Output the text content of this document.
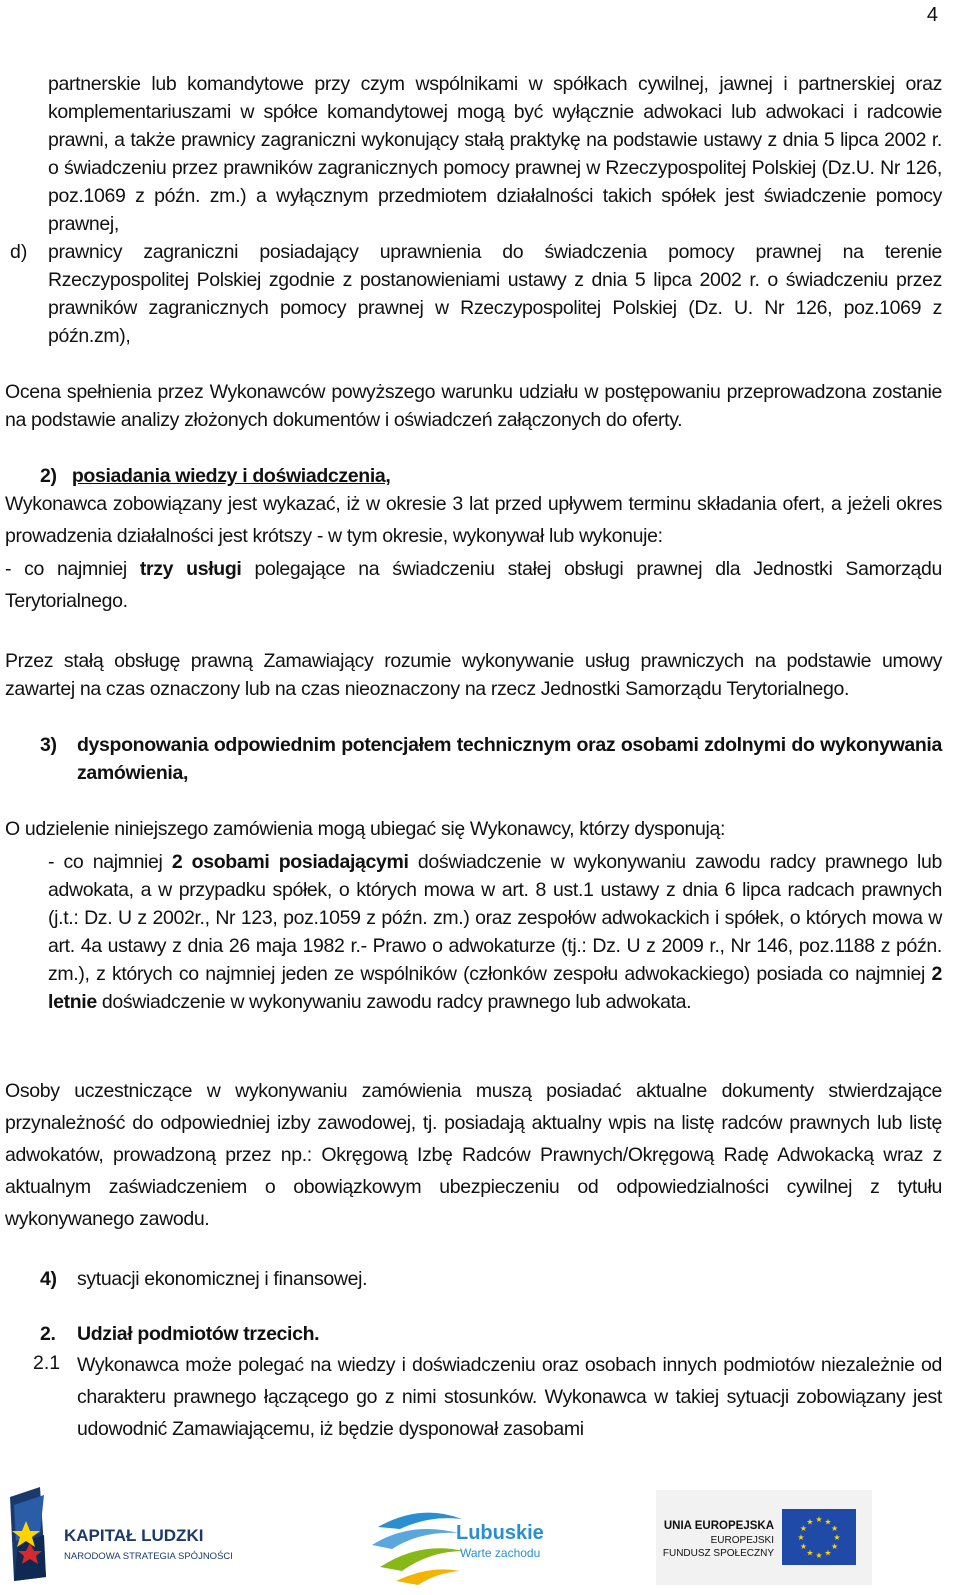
4
partnerskie lub komandytowe przy czym wspólnikami w spółkach cywilnej, jawnej i partnerskiej oraz komplementariuszami w spółce komandytowej mogą być wyłącznie adwokaci lub adwokaci i radcowie prawni, a także prawnicy zagraniczni wykonujący stałą praktykę na podstawie ustawy z dnia 5 lipca 2002 r. o świadczeniu przez prawników zagranicznych pomocy prawnej w Rzeczypospolitej Polskiej (Dz.U. Nr 126, poz.1069 z późn. zm.) a wyłącznym przedmiotem działalności takich spółek jest świadczenie pomocy prawnej,
d) prawnicy zagraniczni posiadający uprawnienia do świadczenia pomocy prawnej na terenie Rzeczypospolitej Polskiej zgodnie z postanowieniami ustawy z dnia 5 lipca 2002 r. o świadczeniu przez prawników zagranicznych pomocy prawnej w Rzeczypospolitej Polskiej (Dz. U. Nr 126, poz.1069 z późn.zm),
Ocena spełnienia przez Wykonawców powyższego warunku udziału w postępowaniu przeprowadzona zostanie na podstawie analizy złożonych dokumentów i oświadczeń załączonych do oferty.
2) posiadania wiedzy i doświadczenia,
Wykonawca zobowiązany jest wykazać, iż w okresie 3 lat przed upływem terminu składania ofert, a jeżeli okres prowadzenia działalności jest krótszy - w tym okresie, wykonywał lub wykonuje:
- co najmniej trzy usługi polegające na świadczeniu stałej obsługi prawnej dla Jednostki Samorządu Terytorialnego.
Przez stałą obsługę prawną Zamawiający rozumie wykonywanie usług prawniczych na podstawie umowy zawartej na czas oznaczony lub na czas nieoznaczony na rzecz Jednostki Samorządu Terytorialnego.
3) dysponowania odpowiednim potencjałem technicznym oraz osobami zdolnymi do wykonywania zamówienia,
O udzielenie niniejszego zamówienia mogą ubiegać się Wykonawcy, którzy dysponują:
- co najmniej 2 osobami posiadającymi doświadczenie w wykonywaniu zawodu radcy prawnego lub adwokata, a w przypadku spółek, o których mowa w art. 8 ust.1 ustawy z dnia 6 lipca radcach prawnych (j.t.: Dz. U z 2002r., Nr 123, poz.1059 z późn. zm.) oraz zespołów adwokackich i spółek, o których mowa w art. 4a ustawy z dnia 26 maja 1982 r.- Prawo o adwokaturze (tj.: Dz. U z 2009 r., Nr 146, poz.1188 z późn. zm.), z których co najmniej jeden ze wspólników (członków zespołu adwokackiego) posiada co najmniej 2 letnie doświadczenie w wykonywaniu zawodu radcy prawnego lub adwokata.
Osoby uczestniczące w wykonywaniu zamówienia muszą posiadać aktualne dokumenty stwierdzające przynależność do odpowiedniej izby zawodowej, tj. posiadają aktualny wpis na listę radców prawnych lub listę adwokatów, prowadzoną przez np.: Okręgową Izbę Radców Prawnych/Okręgową Radę Adwokacką wraz z aktualnym zaświadczeniem o obowiązkowym ubezpieczeniu od odpowiedzialności cywilnej z tytułu wykonywanego zawodu.
4) sytuacji ekonomicznej i finansowej.
2. Udział podmiotów trzecich.
2.1 Wykonawca może polegać na wiedzy i doświadczeniu oraz osobach innych podmiotów niezależnie od charakteru prawnego łączącego go z nimi stosunków. Wykonawca w takiej sytuacji zobowiązany jest udowodnić Zamawiającemu, iż będzie dysponował zasobami
KAPITAŁ LUDZKI
NARODOWA STRATEGIA SPÓJNOŚCI
Lubuskie
Warte zachodu
UNIA EUROPEJSKA
EUROPEJSKI
FUNDUSZ SPOŁECZNY
★ ★
★
★
★
★
★
★
★
★
★
★
